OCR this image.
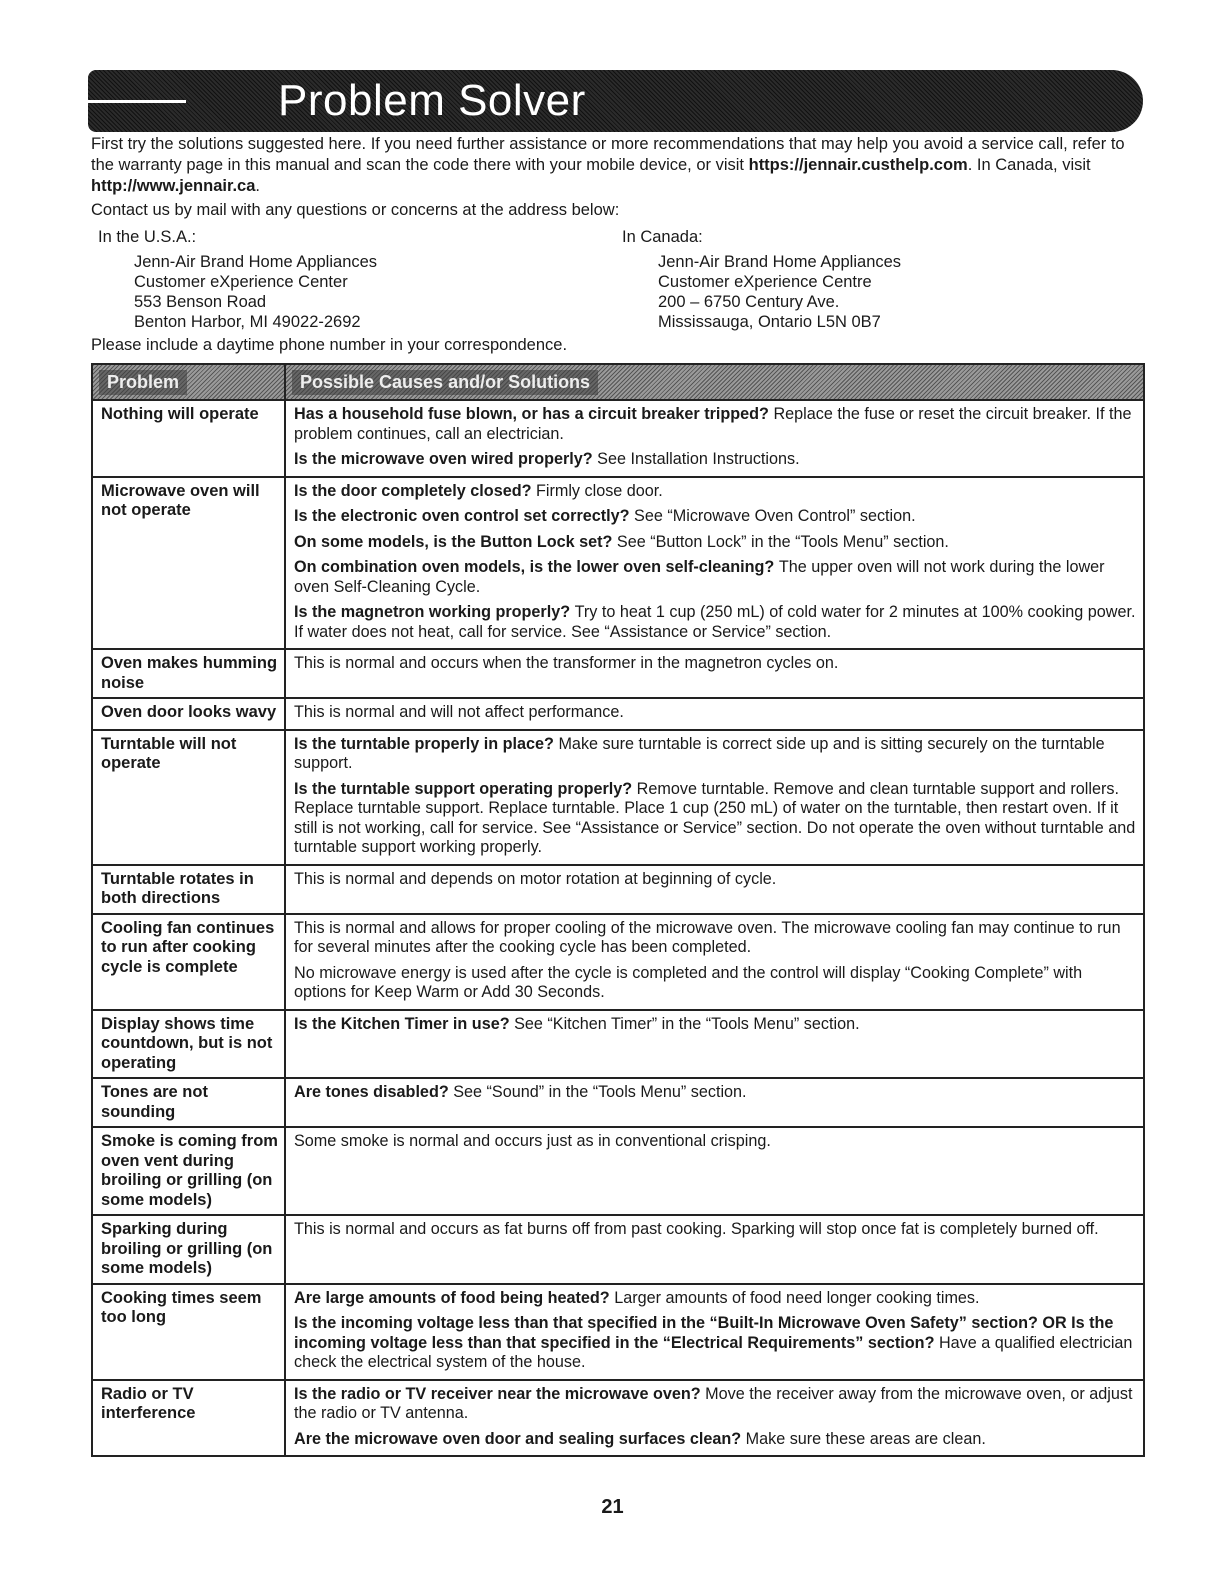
Problem Solver

First try the solutions suggested here. If you need further assistance or more recommendations that may help you avoid a service call, refer to the warranty page in this manual and scan the code there with your mobile device, or visit https://jennair.custhelp.com. In Canada, visit http://www.jennair.ca.

Contact us by mail with any questions or concerns at the address below:
In the U.S.A.:
Jenn-Air Brand Home Appliances
Customer eXperience Center
553 Benson Road
Benton Harbor, MI 49022-2692
In Canada:
Jenn-Air Brand Home Appliances
Customer eXperience Centre
200 – 6750 Century Ave.
Mississauga, Ontario L5N 0B7
Please include a daytime phone number in your correspondence.
Problem	Possible Causes and/or Solutions
Nothing will operate	Has a household fuse blown, or has a circuit breaker tripped? Replace the fuse or reset the circuit breaker. If the problem continues, call an electrician.

Is the microwave oven wired properly? See Installation Instructions.

Microwave oven will not operate	Is the door completely closed? Firmly close door.

Is the electronic oven control set correctly? See “Microwave Oven Control” section.

On some models, is the Button Lock set? See “Button Lock” in the “Tools Menu” section.

On combination oven models, is the lower oven self-cleaning? The upper oven will not work during the lower oven Self-Cleaning Cycle.

Is the magnetron working properly? Try to heat 1 cup (250 mL) of cold water for 2 minutes at 100% cooking power. If water does not heat, call for service. See “Assistance or Service” section.

Oven makes humming noise	This is normal and occurs when the transformer in the magnetron cycles on.

Oven door looks wavy	This is normal and will not affect performance.

Turntable will not operate	Is the turntable properly in place? Make sure turntable is correct side up and is sitting securely on the turntable support.

Is the turntable support operating properly? Remove turntable. Remove and clean turntable support and rollers. Replace turntable support. Replace turntable. Place 1 cup (250 mL) of water on the turntable, then restart oven. If it still is not working, call for service. See “Assistance or Service” section. Do not operate the oven without turntable and turntable support working properly.

Turntable rotates in both directions	This is normal and depends on motor rotation at beginning of cycle.

Cooling fan continues to run after cooking cycle is complete	This is normal and allows for proper cooling of the microwave oven. The microwave cooling fan may continue to run for several minutes after the cooking cycle has been completed.

No microwave energy is used after the cycle is completed and the control will display “Cooking Complete” with options for Keep Warm or Add 30 Seconds.

Display shows time countdown, but is not operating	Is the Kitchen Timer in use? See “Kitchen Timer” in the “Tools Menu” section.

Tones are not sounding	Are tones disabled? See “Sound” in the “Tools Menu” section.

Smoke is coming from oven vent during broiling or grilling (on some models)	Some smoke is normal and occurs just as in conventional crisping.

Sparking during broiling or grilling (on some models)	This is normal and occurs as fat burns off from past cooking. Sparking will stop once fat is completely burned off.

Cooking times seem too long	Are large amounts of food being heated? Larger amounts of food need longer cooking times.

Is the incoming voltage less than that specified in the “Built-In Microwave Oven Safety” section? OR Is the incoming voltage less than that specified in the “Electrical Requirements” section? Have a qualified electrician check the electrical system of the house.

Radio or TV interference	Is the radio or TV receiver near the microwave oven? Move the receiver away from the microwave oven, or adjust the radio or TV antenna.

Are the microwave oven door and sealing surfaces clean? Make sure these areas are clean.

21
